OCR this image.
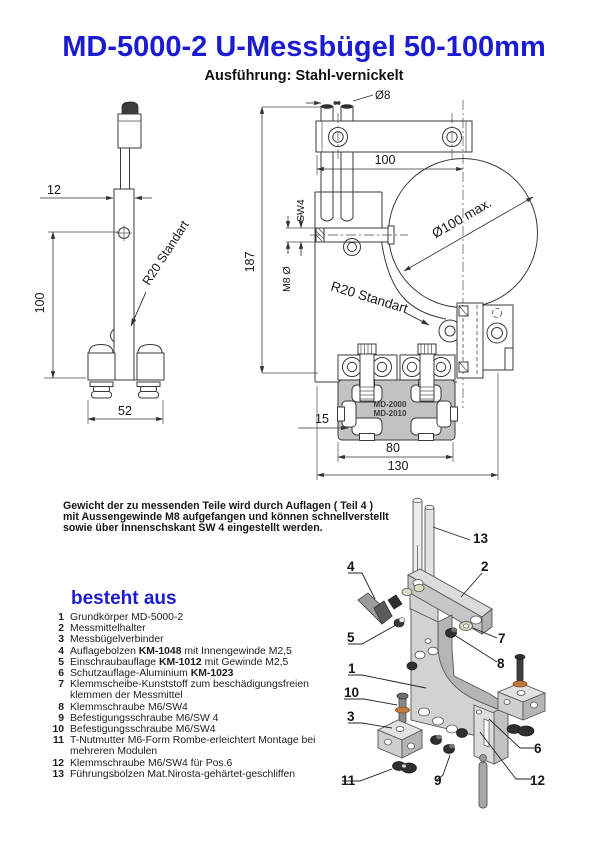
MD-5000-2 U-Messbügel 50-100mm
Ausführung: Stahl-vernickelt
12
R20 Standart
100
52
187
Ø8
100
Ø100 max.
SW4
M8 Ø	R20 Standart
MD-2000
MD-2010
15
80
130
Gewicht der zu messenden Teile wird durch Auflagen ( Teil 4 )
mit Aussengewinde M8 aufgefangen und können schnellverstellt
sowie über Innenschskant SW 4 eingestellt werden.
besteht aus
1 Grundkörper MD-5000-2
2 Messmittelhalter
3 Messbügelverbinder
4 Auflagebolzen KM-1048 mit Innengewinde M2,5
5 Einschraubauflage KM-1012 mit Gewinde M2,5
6 Schutzauflage-Aluminium KM-1023
7 Klemmscheibe-Kunststoff zum beschädigungsfreien klemmen der Messmittel
8 Klemmschraube M6/SW4
9 Befestigungsschraube M6/SW 4
10 Befestigungsschraube M6/SW4
11 T-Nutmutter M6-Form Rombe-erleichtert Montage bei mehreren Modulen
12 Klemmschraube M6/SW4 für Pos.6
13 Führungsbolzen Mat.Nirosta-gehärtet-geschliffen
13
4	2
5	7
8
1
10
3
11	9
6
12
